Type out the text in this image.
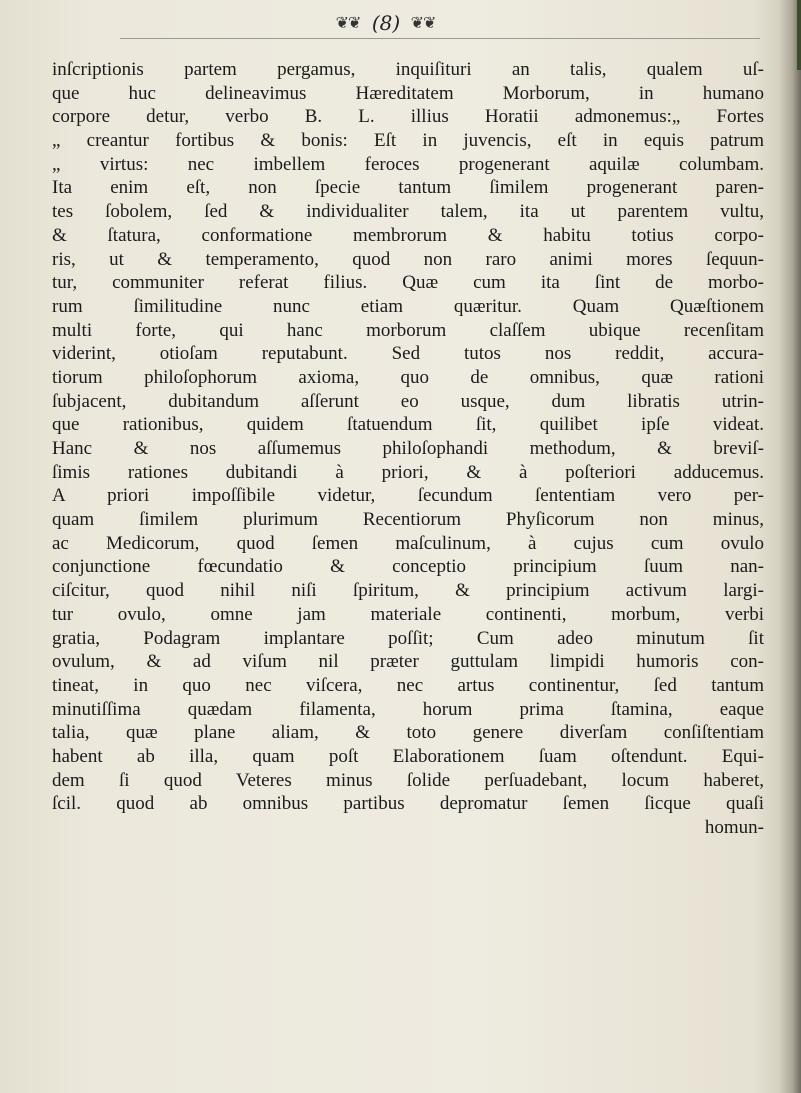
❦❦ (8) ❦❦
inſcriptionis partem pergamus, inquiſituri an talis, qualem uſ-
que huc delineavimus Hæreditatem Morborum, in humano
corpore detur, verbo B. L. illius Horatii admonemus:„ Fortes
„ creantur fortibus & bonis: Eſt in juvencis, eſt in equis patrum
„ virtus: nec imbellem feroces progenerant aquilæ columbam.
Ita enim eſt, non ſpecie tantum ſimilem progenerant paren-
tes ſobolem, ſed & individualiter talem, ita ut parentem vultu,
& ſtatura, conformatione membrorum & habitu totius corpo-
ris, ut & temperamento, quod non raro animi mores ſequun-
tur, communiter referat filius. Quæ cum ita ſint de morbo-
rum ſimilitudine nunc etiam quæritur. Quam Quæſtionem
multi forte, qui hanc morborum claſſem ubique recenſitam
viderint, otioſam reputabunt. Sed tutos nos reddit, accura-
tiorum philoſophorum axioma, quo de omnibus, quæ rationi
ſubjacent, dubitandum aſſerunt eo usque, dum libratis utrin-
que rationibus, quidem ſtatuendum ſit, quilibet ipſe videat.
Hanc & nos aſſumemus philoſophandi methodum, & breviſ-
ſimis rationes dubitandi à priori, & à poſteriori adducemus.
A priori impoſſibile videtur, ſecundum ſententiam vero per-
quam ſimilem plurimum Recentiorum Phyſicorum non minus,
ac Medicorum, quod ſemen maſculinum, à cujus cum ovulo
conjunctione fœcundatio & conceptio principium ſuum nan-
ciſcitur, quod nihil niſi ſpiritum, & principium activum largi-
tur ovulo, omne jam materiale continenti, morbum, verbi
gratia, Podagram implantare poſſit; Cum adeo minutum ſit
ovulum, & ad viſum nil præter guttulam limpidi humoris con-
tineat, in quo nec viſcera, nec artus continentur, ſed tantum
minutiſſima quædam filamenta, horum prima ſtamina, eaque
talia, quæ plane aliam, & toto genere diverſam conſiſtentiam
habent ab illa, quam poſt Elaborationem ſuam oſtendunt. Equi-
dem ſi quod Veteres minus ſolide perſuadebant, locum haberet,
ſcil. quod ab omnibus partibus depromatur ſemen ſicque quaſi
homun-
